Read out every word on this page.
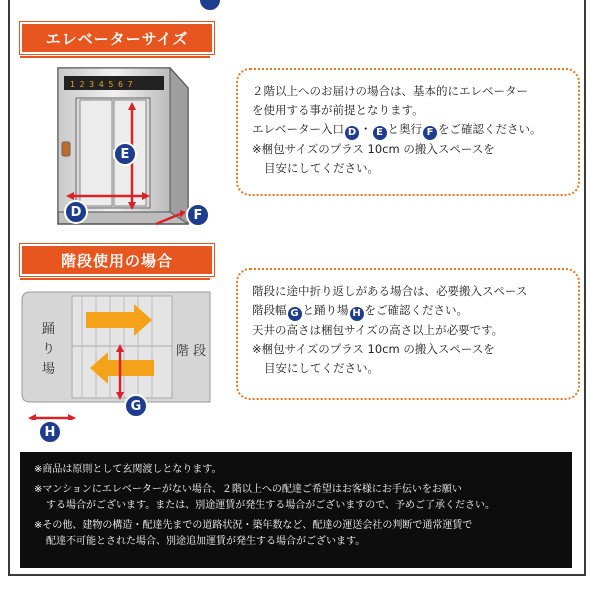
エレベーターサイズ
1 2 3 4 5 6 7
E
D	F

２階以上へのお届けの場合は、基本的にエレベーター

を使用する事が前提となります。

エレベーター入口 D ・ E と奥行 F をご確認ください。

※梱包サイズのプラス 10cm の搬入スペースを

目安にしてください。

階段使用の場合
踊
り
場
階 段
G
H

階段に途中折り返しがある場合は、必要搬入スペース

階段幅 G と踊り場 H をご確認ください。

天井の高さは梱包サイズの高さ以上が必要です。

※梱包サイズのプラス 10cm の搬入スペースを

目安にしてください。

※商品は原則として玄関渡しとなります。

※マンションにエレベーターがない場合、２階以上への配達ご希望はお客様にお手伝いをお願い
する場合がございます。または、別途運賃が発生する場合がございますので、予めご了承ください。

※その他、建物の構造・配達先までの道路状況・築年数など、配達の運送会社の判断で通常運賃で
配達不可能とされた場合、別途追加運賃が発生する場合がございます。
